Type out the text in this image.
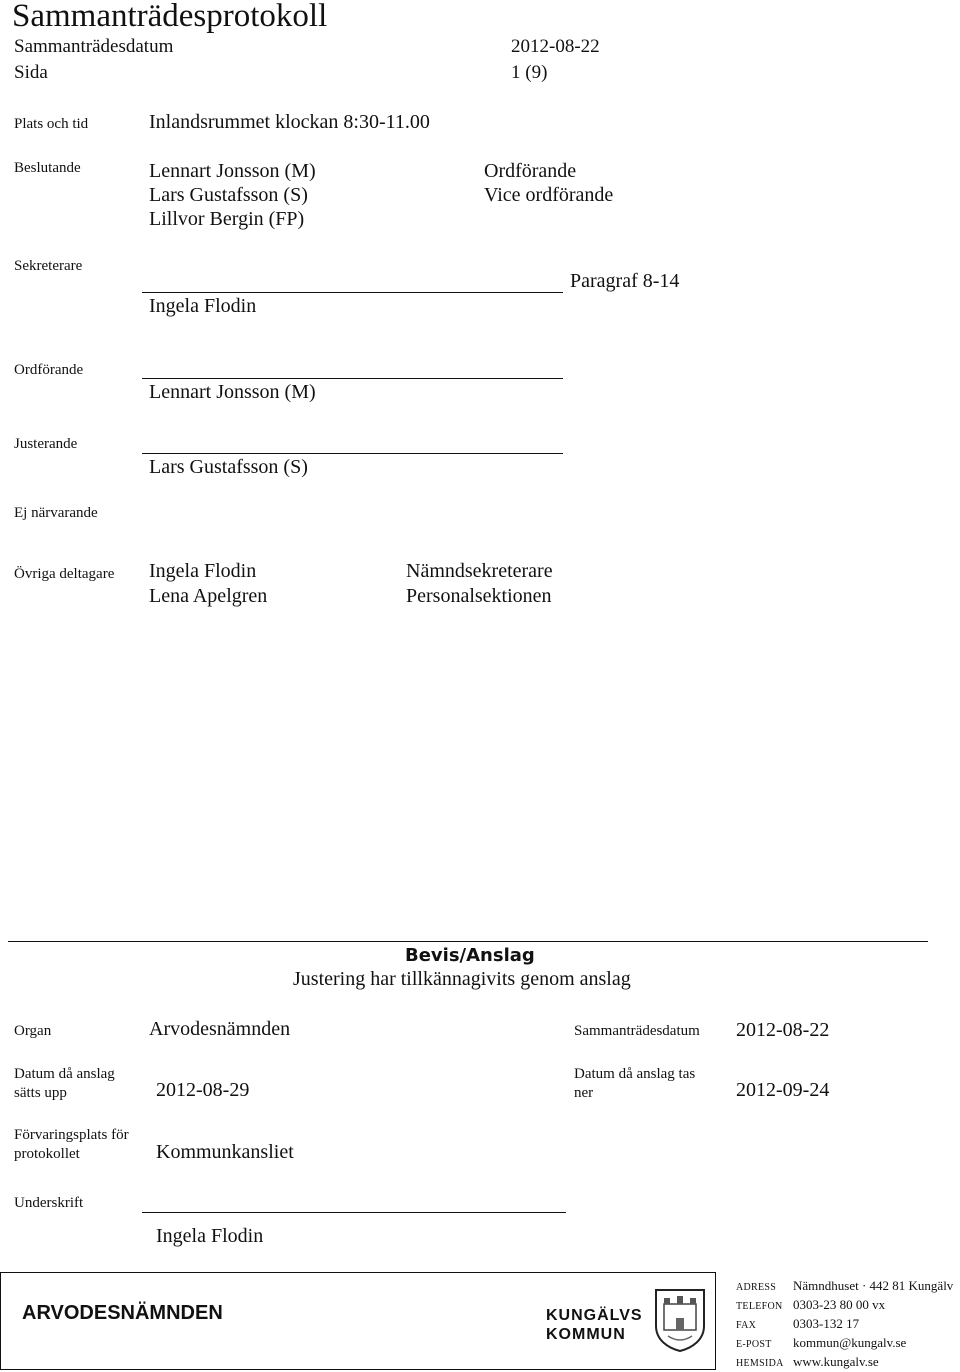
Sammanträdesprotokoll
Sammanträdesdatum	2012-08-22
Sida	1 (9)
Plats och tid	Inlandsrummet klockan 8:30-11.00
Beslutande	Lennart Jonsson (M)	Ordförande
Lars Gustafsson (S)	Vice ordförande
Lillvor Bergin (FP)
Sekreterare
Paragraf 8-14
Ingela Flodin
Ordförande
Lennart Jonsson (M)
Justerande
Lars Gustafsson (S)
Ej närvarande
Övriga deltagare Ingela Flodin	Nämndsekreterare
Lena Apelgren	Personalsektionen
Bevis/Anslag
Justering har tillkännagivits genom anslag
Organ	Arvodesnämnden	Sammanträdesdatum 2012-08-22
Datum då anslag
sätts upp	2012-08-29
Datum då anslag tas
ner	2012-09-24
Förvaringsplats för
protokollet	Kommunkansliet
Underskrift
Ingela Flodin
ARVODESNÄMNDEN	KUNGÄLVS
KOMMUN
ADRESS Nämndhuset · 442 81 Kungälv
TELEFON 0303-23 80 00 vx
FAX	0303-132 17
E-POST kommun@kungalv.se
HEMSIDA www.kungalv.se
